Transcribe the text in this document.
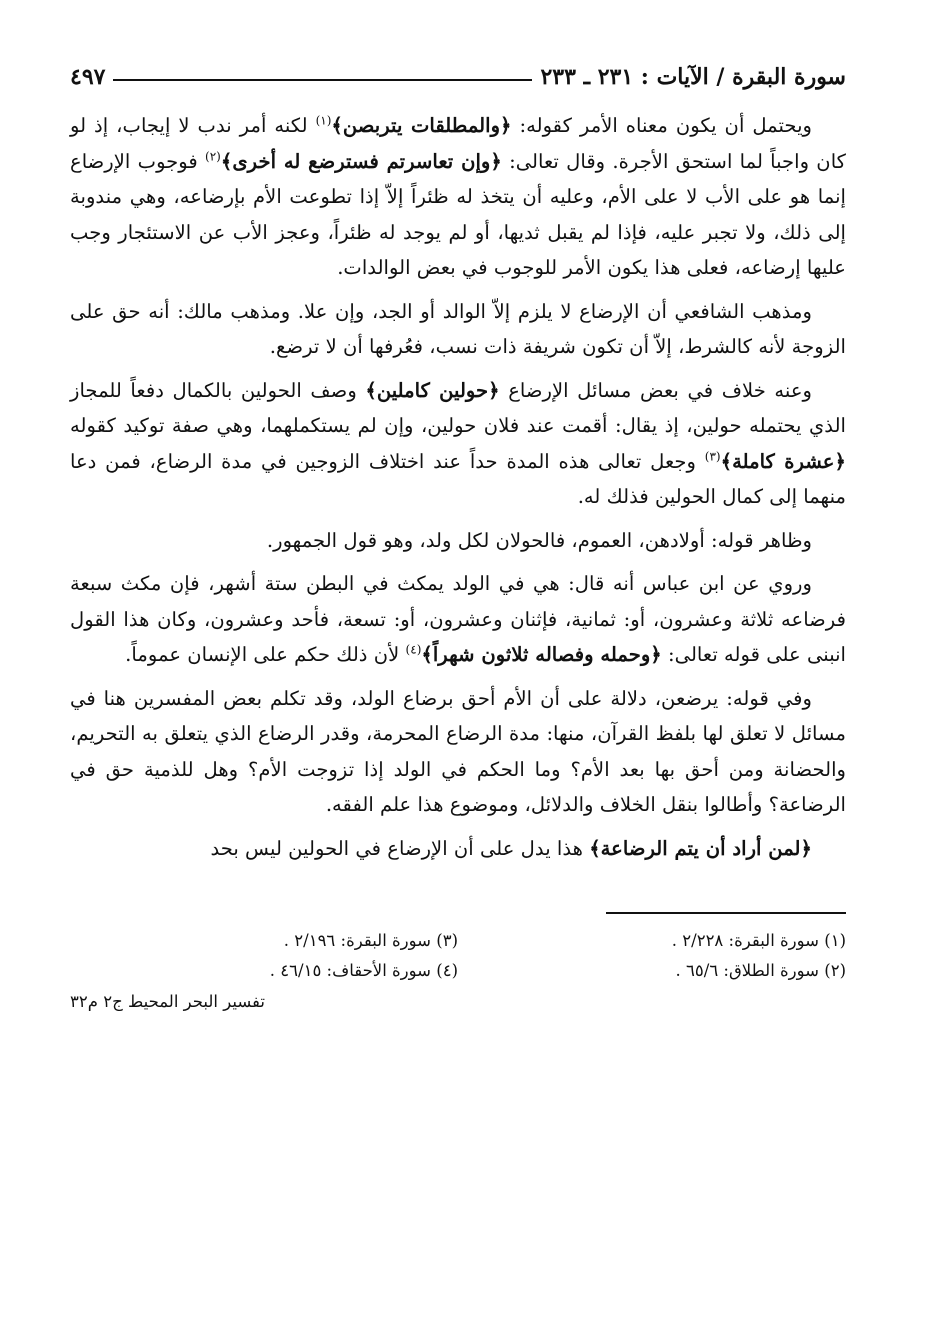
سورة البقرة / الآيات : ٢٣١ ـ ٢٣٣
٤٩٧

ويحتمل أن يكون معناه الأمر كقوله: ﴿والمطلقات يتربصن﴾$^{(١)}$ لكنه أمر ندب لا إيجاب، إذ لو كان واجباً لما استحق الأجرة. وقال تعالى: ﴿وإن تعاسرتم فسترضع له أخرى﴾$^{(٢)}$ فوجوب الإرضاع إنما هو على الأب لا على الأم، وعليه أن يتخذ له ظئراً إلاّ إذا تطوعت الأم بإرضاعه، وهي مندوبة إلى ذلك، ولا تجبر عليه، فإذا لم يقبل ثديها، أو لم يوجد له ظئراً، وعجز الأب عن الاستئجار وجب عليها إرضاعه، فعلى هذا يكون الأمر للوجوب في بعض الوالدات.

ومذهب الشافعي أن الإرضاع لا يلزم إلاّ الوالد أو الجد، وإن علا. ومذهب مالك: أنه حق على الزوجة لأنه كالشرط، إلاّ أن تكون شريفة ذات نسب، فعُرفها أن لا ترضع.

وعنه خلاف في بعض مسائل الإرضاع ﴿حولين كاملين﴾ وصف الحولين بالكمال دفعاً للمجاز الذي يحتمله حولين، إذ يقال: أقمت عند فلان حولين، وإن لم يستكملهما، وهي صفة توكيد كقوله ﴿عشرة كاملة﴾$^{(٣)}$ وجعل تعالى هذه المدة حداً عند اختلاف الزوجين في مدة الرضاع، فمن دعا منهما إلى كمال الحولين فذلك له.

وظاهر قوله: أولادهن، العموم، فالحولان لكل ولد، وهو قول الجمهور.

وروي عن ابن عباس أنه قال: هي في الولد يمكث في البطن ستة أشهر، فإن مكث سبعة فرضاعه ثلاثة وعشرون، أو: ثمانية، فإثنان وعشرون، أو: تسعة، فأحد وعشرون، وكان هذا القول انبنى على قوله تعالى: ﴿وحمله وفصاله ثلاثون شهراً﴾$^{(٤)}$ لأن ذلك حكم على الإنسان عموماً.

وفي قوله: يرضعن، دلالة على أن الأم أحق برضاع الولد، وقد تكلم بعض المفسرين هنا في مسائل لا تعلق لها بلفظ القرآن، منها: مدة الرضاع المحرمة، وقدر الرضاع الذي يتعلق به التحريم، والحضانة ومن أحق بها بعد الأم؟ وما الحكم في الولد إذا تزوجت الأم؟ وهل للذمية حق في الرضاعة؟ وأطالوا بنقل الخلاف والدلائل، وموضوع هذا علم الفقه.

﴿لمن أراد أن يتم الرضاعة﴾ هذا يدل على أن الإرضاع في الحولين ليس بحد

(١) سورة البقرة: ٢/٢٢٨ .
(٣) سورة البقرة: ٢/١٩٦ .
(٢) سورة الطلاق: ٦٥/٦ .
(٤) سورة الأحقاف: ٤٦/١٥ .
تفسير البحر المحيط ج٢ م٣٢
